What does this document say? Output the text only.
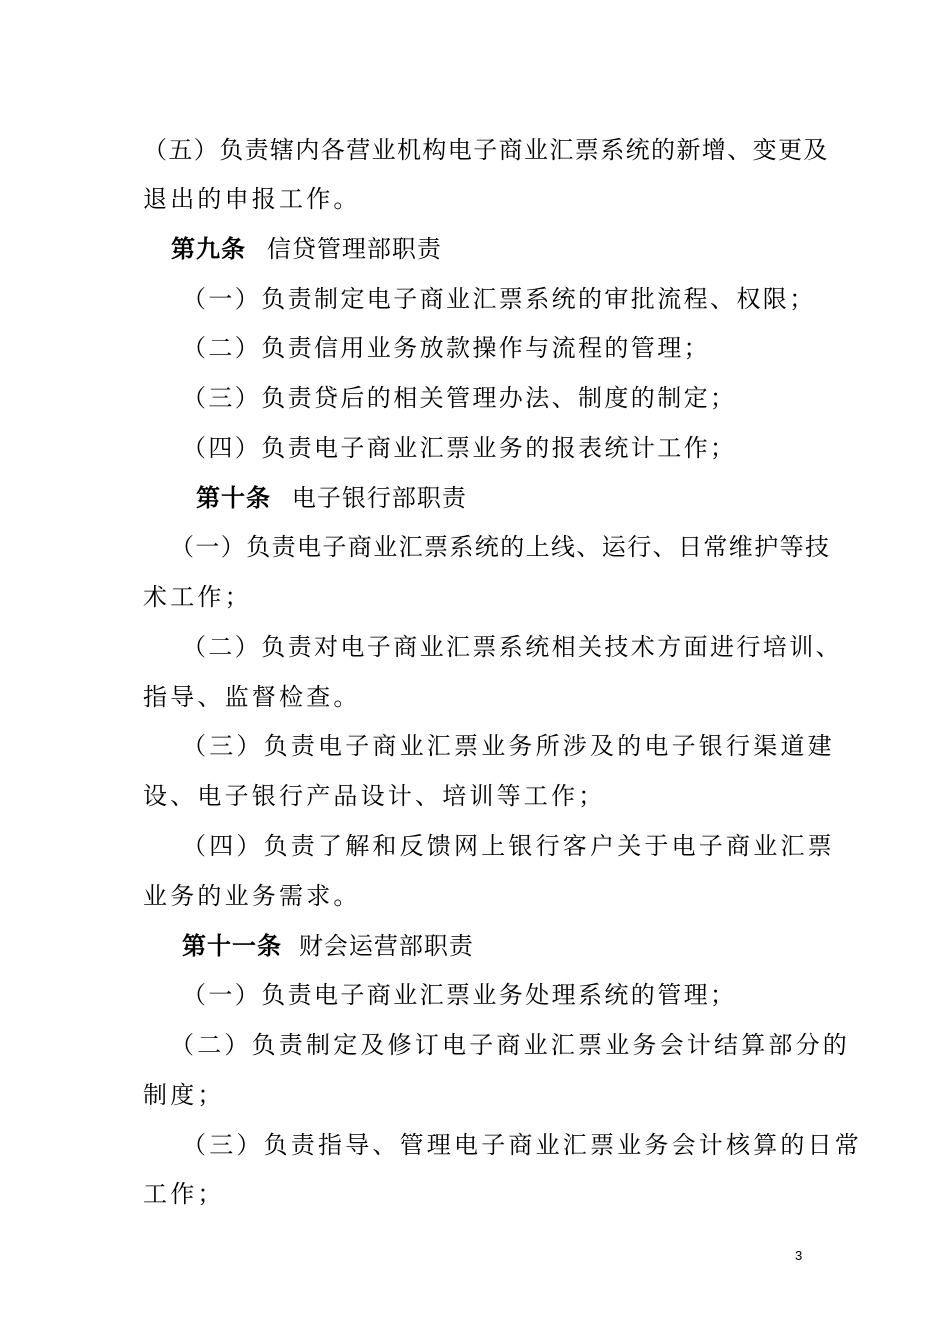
（五）负责辖内各营业机构电子商业汇票系统的新增、变更及
退出的申报工作。
第九条 信贷管理部职责
（一）负责制定电子商业汇票系统的审批流程、权限；
（二）负责信用业务放款操作与流程的管理；
（三）负责贷后的相关管理办法、制度的制定；
（四）负责电子商业汇票业务的报表统计工作；
第十条 电子银行部职责
（一）负责电子商业汇票系统的上线、运行、日常维护等技
术工作；
（二）负责对电子商业汇票系统相关技术方面进行培训、
指导、监督检查。
（三）负责电子商业汇票业务所涉及的电子银行渠道建
设、电子银行产品设计、培训等工作；
（四）负责了解和反馈网上银行客户关于电子商业汇票
业务的业务需求。
第十一条 财会运营部职责
（一）负责电子商业汇票业务处理系统的管理；
（二）负责制定及修订电子商业汇票业务会计结算部分的
制度；
（三）负责指导、管理电子商业汇票业务会计核算的日常
工作；
3
